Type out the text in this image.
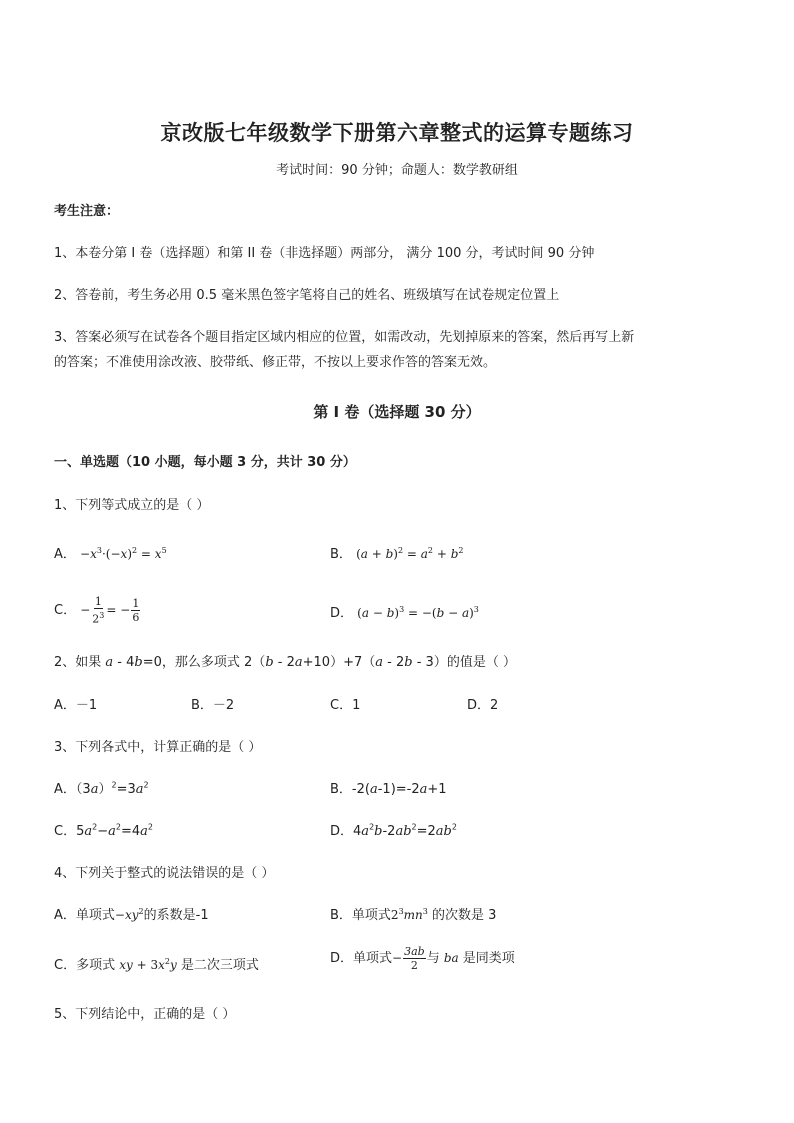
京改版七年级数学下册第六章整式的运算专题练习
考试时间：90 分钟；命题人：数学教研组
考生注意：
1、本卷分第 I 卷（选择题）和第 II 卷（非选择题）两部分， 满分 100 分，考试时间 90 分钟
2、答卷前，考生务必用 0.5 毫米黑色签字笔将自己的姓名、班级填写在试卷规定位置上
3、答案必须写在试卷各个题目指定区域内相应的位置，如需改动，先划掉原来的答案，然后再写上新
的答案；不准使用涂改液、胶带纸、修正带，不按以上要求作答的答案无效。
第 I 卷（选择题 30 分）
一、单选题（10 小题，每小题 3 分，共计 30 分）
1、下列等式成立的是（ ）
A． $-x^3\cdot(-x)^2 = x^5$	B． $(a + b)^2 = a^2 + b^2$
C． − $\frac{1}{2^3}$ = − $\frac{1}{6}$	D． $(a - b)^3 = -(b - a)^3$
2、如果 a - 4b=0，那么多项式 2（b - 2a+10）+7（a - 2b - 3）的值是（ ）
A．－1	B．－2	C．1	D．2
3、下列各式中，计算正确的是（ ）
A．$(3a)^2=3a^2$	B．-2(a-1)=-2a+1
C．$5a^2-a^2=4a^2$	D．$4a^2b-2ab^2=2ab^2$
4、下列关于整式的说法错误的是（ ）
A．单项式$-xy^2$的系数是-1	B．单项式$2^3mn^3$ 的次数是 3
C．多项式 xy + $3x^2y$ 是二次三项式	D．单项式− $\frac{3ab}{2}$ 与 ba 是同类项
5、下列结论中，正确的是（ ）
